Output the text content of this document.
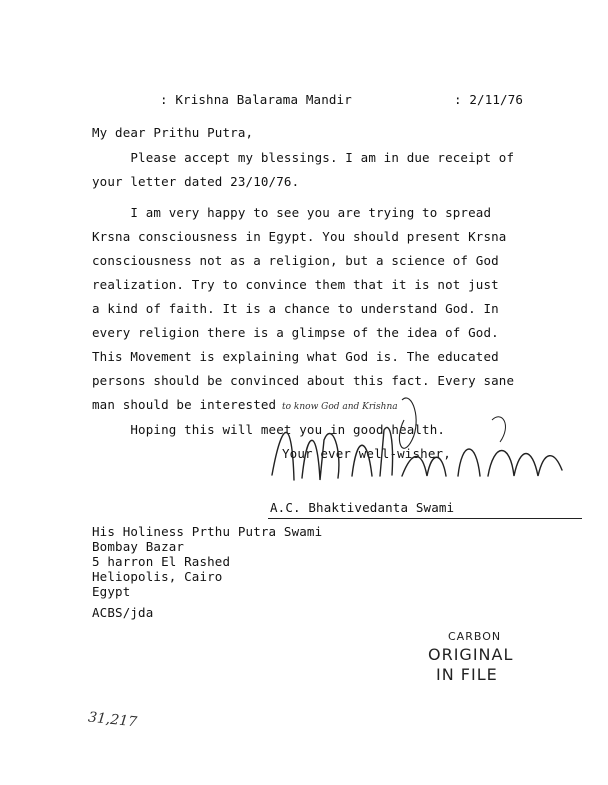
: Krishna Balarama Mandir	: 2/11/76
My dear Prithu Putra,
Please accept my blessings. I am in due receipt of
your letter dated 23/10/76.
I am very happy to see you are trying to spread
Krsna consciousness in Egypt. You should present Krsna
consciousness not as a religion, but a science of God
realization. Try to convince them that it is not just
a kind of faith. It is a chance to understand God. In
every religion there is a glimpse of the idea of God.
This Movement is explaining what God is. The educated
persons should be convinced about this fact. Every sane
man should be interested to know God and Krishna
Hoping this will meet you in good health.
Your ever well-wisher,
A.C. Bhaktivedanta Swami
His Holiness Prthu Putra Swami
Bombay Bazar
5 harron El Rashed
Heliopolis, Cairo
Egypt
ACBS/jda
CARBON
ORIGINAL
IN FILE
31,217
